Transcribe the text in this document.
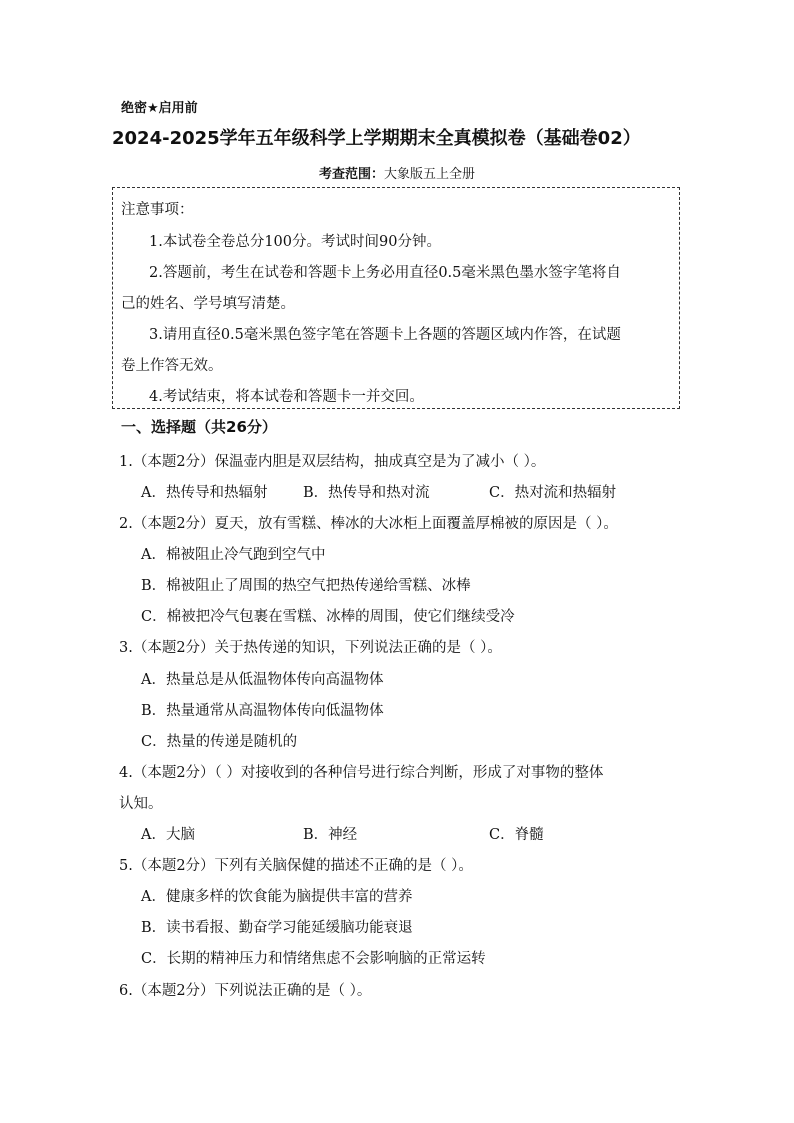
绝密★启用前
2024-2025学年五年级科学上学期期末全真模拟卷（基础卷02）
考查范围：大象版五上全册
注意事项：
1.本试卷全卷总分100分。考试时间90分钟。
2.答题前，考生在试卷和答题卡上务必用直径0.5毫米黑色墨水签字笔将自
己的姓名、学号填写清楚。
3.请用直径0.5毫米黑色签字笔在答题卡上各题的答题区域内作答，在试题
卷上作答无效。
4.考试结束，将本试卷和答题卡一并交回。
一、选择题（共26分）
1.（本题2分）保温壶内胆是双层结构，抽成真空是为了减小（ ）。
A．热传导和热辐射 B．热传导和热对流	C．热对流和热辐射
2.（本题2分）夏天，放有雪糕、棒冰的大冰柜上面覆盖厚棉被的原因是（ ）。
A．棉被阻止冷气跑到空气中
B．棉被阻止了周围的热空气把热传递给雪糕、冰棒
C．棉被把冷气包裹在雪糕、冰棒的周围，使它们继续受冷
3.（本题2分）关于热传递的知识，下列说法正确的是（ ）。
A．热量总是从低温物体传向高温物体
B．热量通常从高温物体传向低温物体
C．热量的传递是随机的
4.（本题2分）（ ）对接收到的各种信号进行综合判断，形成了对事物的整体
认知。
A．大脑	B．神经	C．脊髓
5.（本题2分）下列有关脑保健的描述不正确的是（ ）。
A．健康多样的饮食能为脑提供丰富的营养
B．读书看报、勤奋学习能延缓脑功能衰退
C．长期的精神压力和情绪焦虑不会影响脑的正常运转
6.（本题2分）下列说法正确的是（ ）。
